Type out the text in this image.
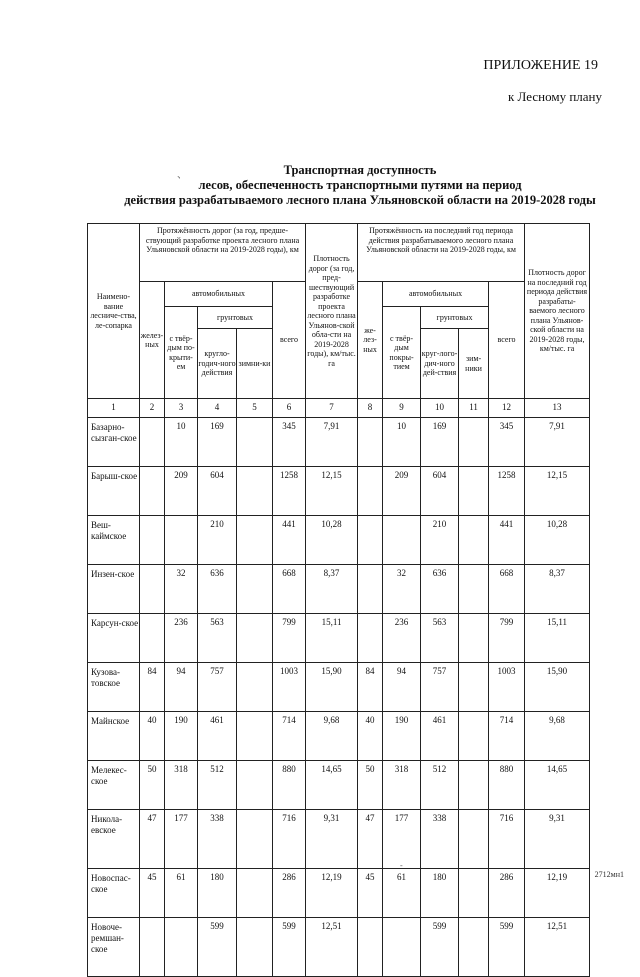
ПРИЛОЖЕНИЕ 19
к Лесному плану
、	Транспортная доступность
лесов, обеспеченность транспортными путями на период
действия разрабатываемого лесного плана Ульяновской области на 2019-2028 годы
Наимено-вание лесниче-ства, ле-сопарка	Протяжённость дорог (за год, предше-ствующий разработке проекта лесного плана Ульяновской области на 2019-2028 годы), км					Плотность дорог (за год, пред-шествующий разработке проекта лесного плана Ульянов-ской обла-сти на 2019-2028 годы), км/тыс. га	Протяжённость на последний год периода действия разрабатываемого лесного плана Ульяновской области на 2019-2028 годы, км					Плотность дорог на последний год периода действия разрабаты-ваемого лесного плана Ульянов-ской области на 2019-2028 годы, км/тыс. га
	желез-ных	автомобильных			всего		же-лез-ных	автомобильных			всего	
		с твёр-дым по-крыти-ем	грунтовых					с твёр-дым покры-тием	грунтовых			
			кругло-годич-ного действия	зимни-ки					круг-лого-дич-ного дей-ствия	зим-ники		
1	2	3	4	5	6	7	8	9	10	11	12	13
Базарно-сызган-ское		10	169		345	7,91		10	169		345	7,91
Барыш-ское		209	604		1258	12,15		209	604		1258	12,15
Веш-каймское			210		441	10,28			210		441	10,28
Инзен-ское		32	636		668	8,37		32	636		668	8,37
Карсун-ское		236	563		799	15,11		236	563		799	15,11
Кузова-товское	84	94	757		1003	15,90	84	94	757		1003	15,90
Майнское	40	190	461		714	9,68	40	190	461		714	9,68
Мелекес-ское	50	318	512		880	14,65	50	318	512		880	14,65
Никола-евское	47	177	338		716	9,31	47	177	338		716	9,31
Новоспас-ское	45	61	180		286	12,19	45	61	180		286	12,19
Новоче-ремшан-ское			599		599	12,51			599		599	12,51
-
2712мн1
